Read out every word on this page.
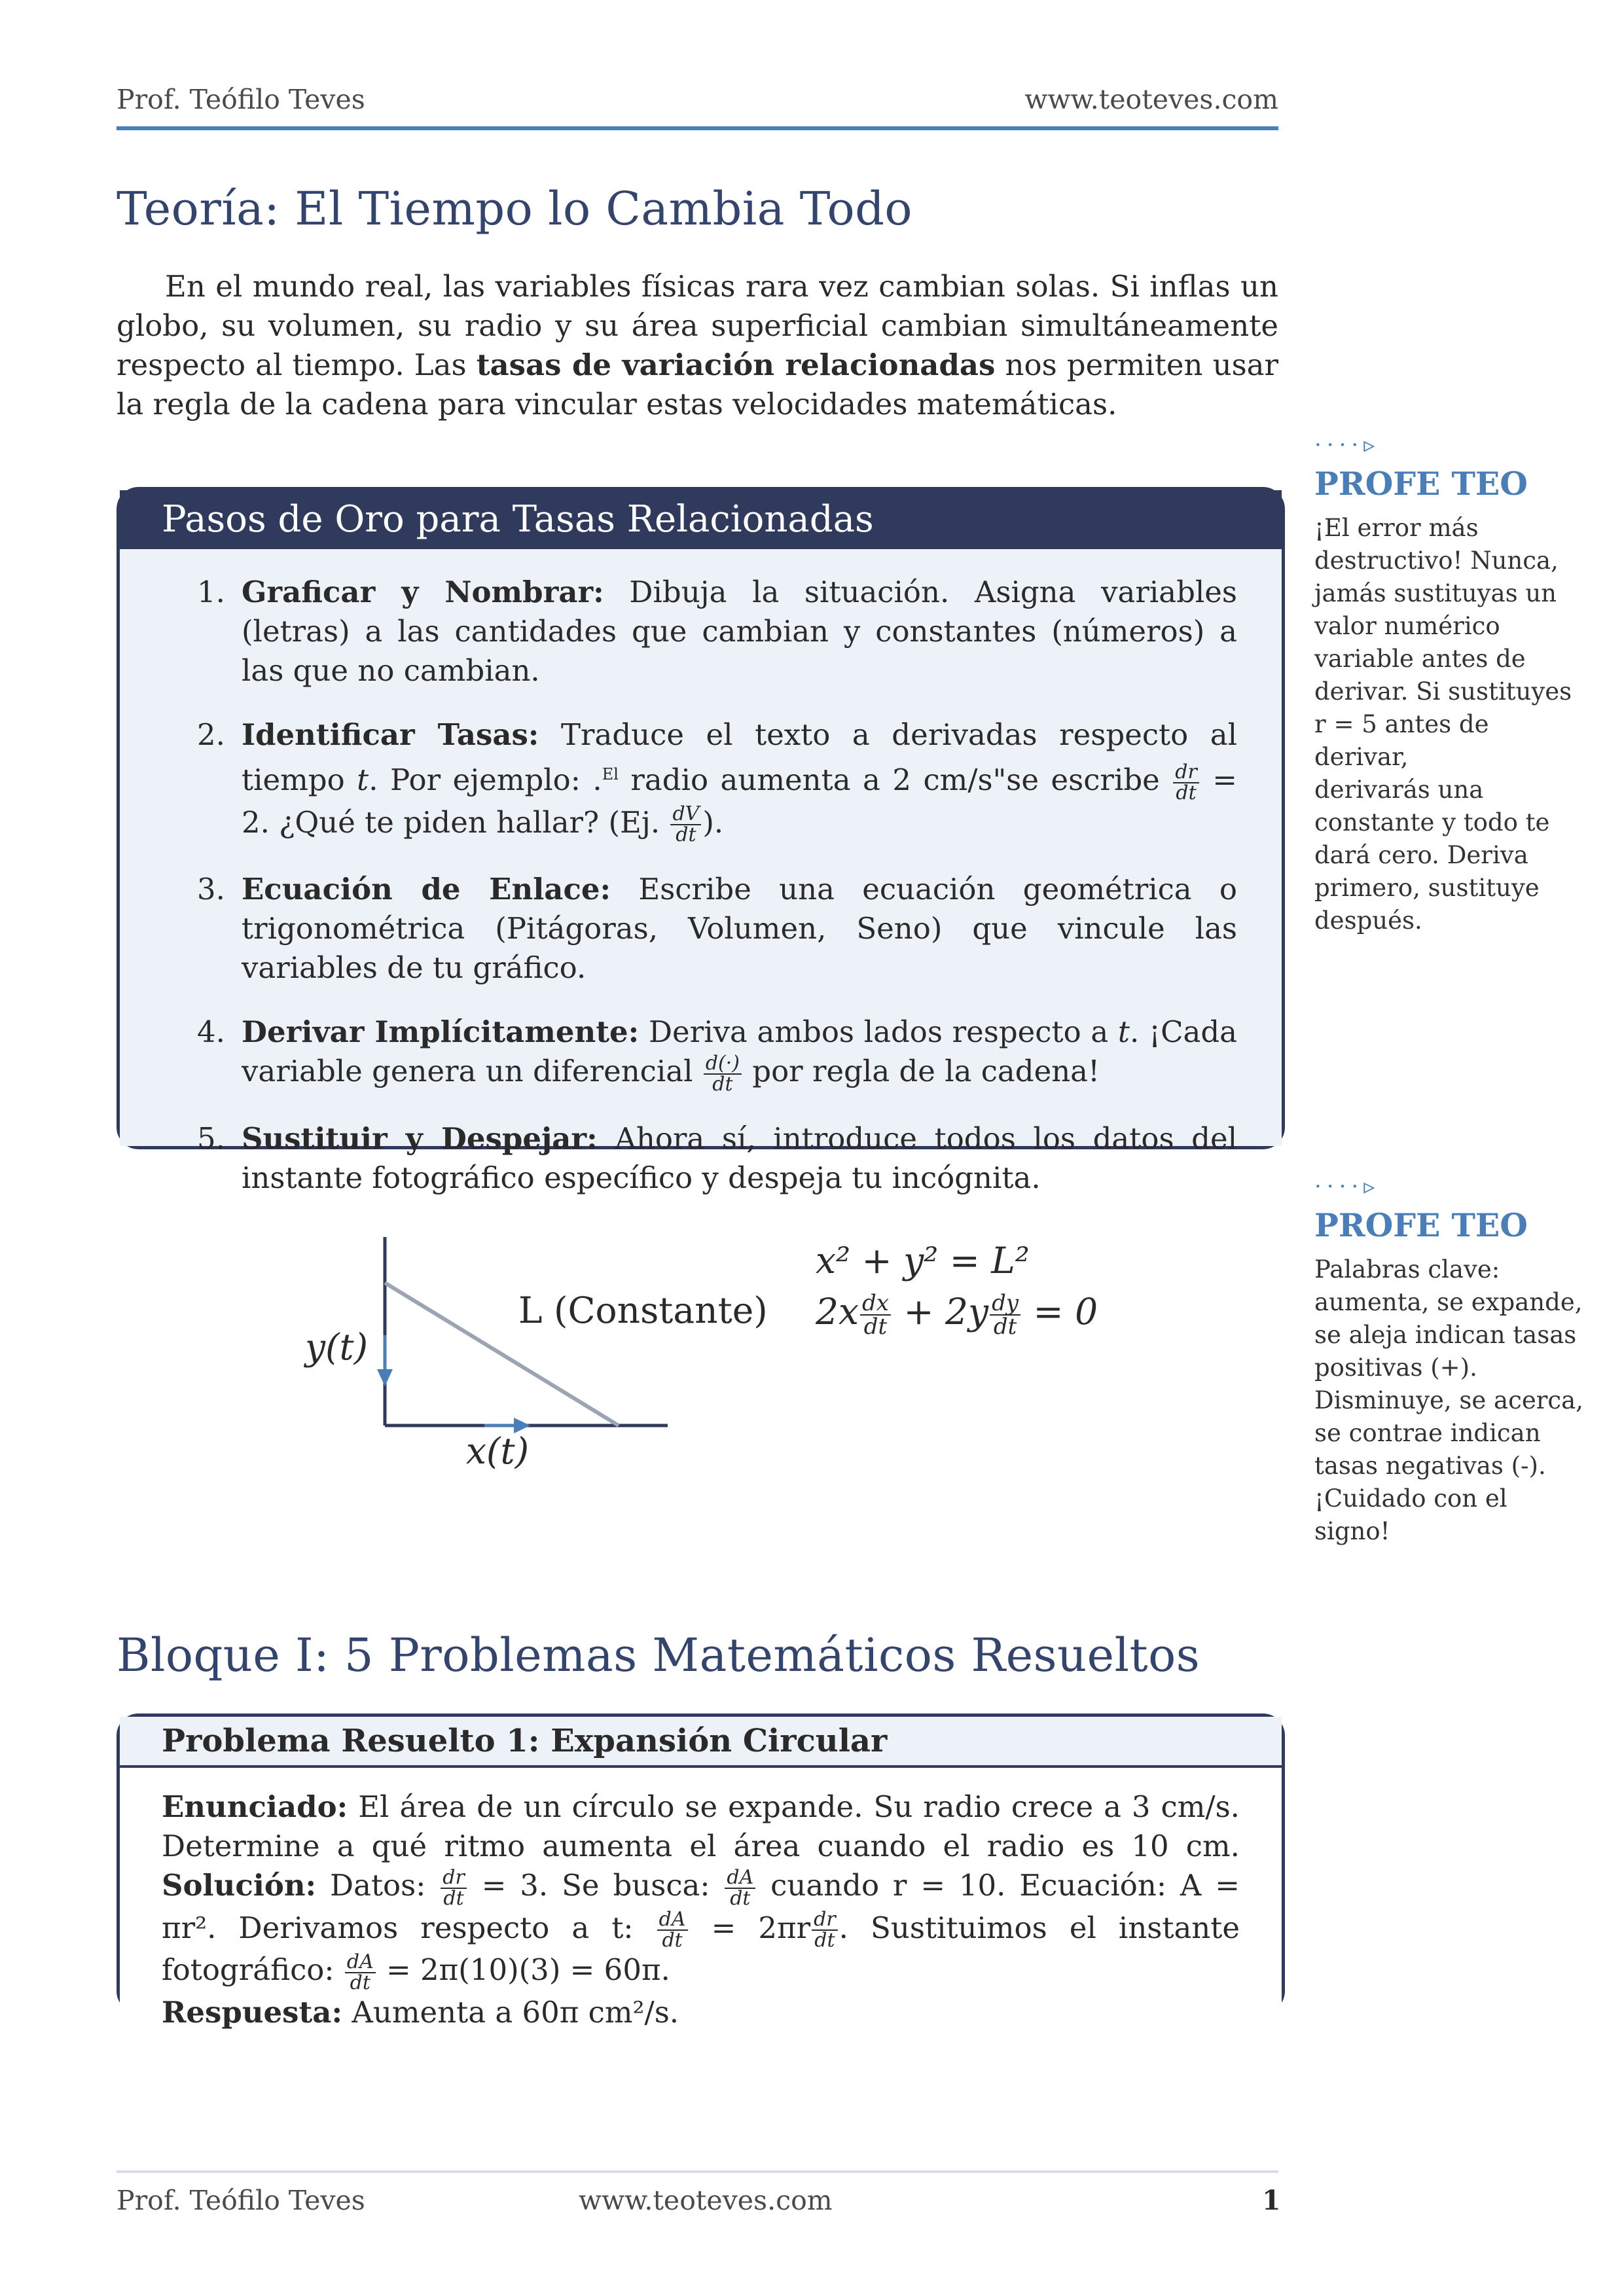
Prof. Teófilo Teves	www.teoteves.com
Teoría: El Tiempo lo Cambia Todo
En el mundo real, las variables físicas rara vez cambian solas. Si inflas un globo, su volumen, su radio y su área superficial cambian simultáneamente respecto al tiempo. Las tasas de variación relacionadas nos permiten usar la regla de la cadena para vincular estas velocidades matemáticas.
Pasos de Oro para Tasas Relacionadas
1. Graficar y Nombrar: Dibuja la situación. Asigna variables (letras) a las cantidades que cambian y constantes (números) a las que no cambian.
2. Identificar Tasas: Traduce el texto a derivadas respecto al tiempo t. Por ejemplo: .$^{El}$ radio aumenta a 2 cm/s"se escribe $\frac{dr}{dt} = 2$. ¿Qué te piden hallar? (Ej. $\frac{dV}{dt}$ ).
3. Ecuación de Enlace: Escribe una ecuación geométrica o trigonométrica (Pitágoras, Volumen, Seno) que vincule las variables de tu gráfico.
4. Derivar Implícitamente: Deriva ambos lados respecto a t. ¡Cada variable genera un diferencial $\frac{d(\cdot)}{dt}$ por regla de la cadena!
5. Sustituir y Despejar: Ahora sí, introduce todos los datos del instante fotográfico específico y despeja tu incógnita.
····▹
PROFE TEO
¡El error más
destructivo! Nunca,
jamás sustituyas un
valor numérico
variable antes de
derivar. Si sustituyes
r = 5 antes de derivar,
derivarás una
constante y todo te
dará cero. Deriva
primero, sustituye
después.
····▹
PROFE TEO
Palabras clave:
aumenta, se expande,
se aleja indican tasas
positivas (+).
Disminuye, se acerca,
se contrae indican
tasas negativas (-).
¡Cuidado con el signo!
L (Constante)
y(t)
x(t)
x² + y² = L²
$2x \frac{dx}{dt} + 2y \frac{dy}{dt} = 0$
Bloque I: 5 Problemas Matemáticos Resueltos
Problema Resuelto 1: Expansión Circular
Enunciado: El área de un círculo se expande. Su radio crece a 3 cm/s. Determine a qué ritmo aumenta el área cuando el radio es 10 cm. Solución: Datos: $\frac{dr}{dt} = 3$. Se busca: $\frac{dA}{dt}$ cuando r = 10. Ecuación: A = πr². Derivamos respecto a t: $\frac{dA}{dt} = 2\pi r \frac{dr}{dt}$ . Sustituimos el instante fotográfico: $\frac{dA}{dt} = 2\pi(10)(3) = 60\pi$.
Respuesta: Aumenta a 60π cm²/s.
Prof. Teófilo Teves	www.teoteves.com	1
